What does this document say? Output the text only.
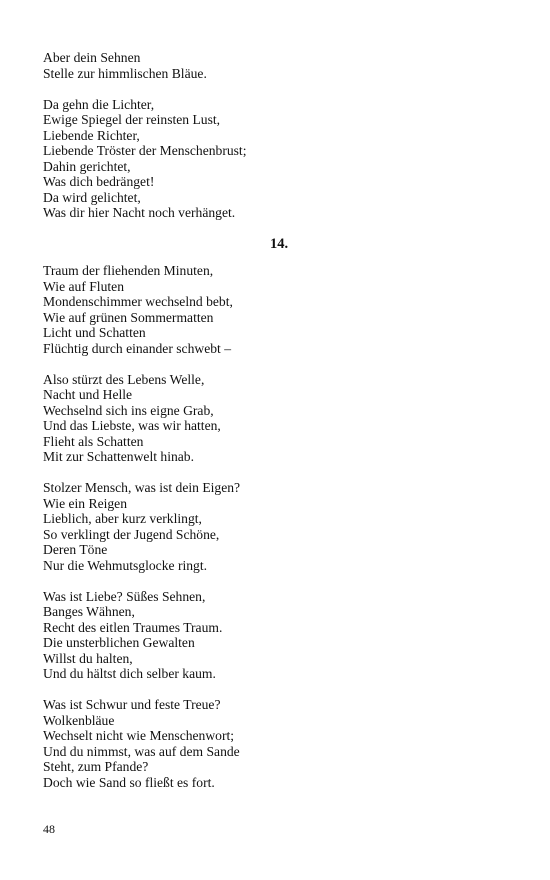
Aber dein Sehnen
Stelle zur himmlischen Bläue.
Da gehn die Lichter,
Ewige Spiegel der reinsten Lust,
Liebende Richter,
Liebende Tröster der Menschenbrust;
Dahin gerichtet,
Was dich bedränget!
Da wird gelichtet,
Was dir hier Nacht noch verhänget.
14.
Traum der fliehenden Minuten,
Wie auf Fluten
Mondenschimmer wechselnd bebt,
Wie auf grünen Sommermatten
Licht und Schatten
Flüchtig durch einander schwebt –
Also stürzt des Lebens Welle,
Nacht und Helle
Wechselnd sich ins eigne Grab,
Und das Liebste, was wir hatten,
Flieht als Schatten
Mit zur Schattenwelt hinab.
Stolzer Mensch, was ist dein Eigen?
Wie ein Reigen
Lieblich, aber kurz verklingt,
So verklingt der Jugend Schöne,
Deren Töne
Nur die Wehmutsglocke ringt.
Was ist Liebe? Süßes Sehnen,
Banges Wähnen,
Recht des eitlen Traumes Traum.
Die unsterblichen Gewalten
Willst du halten,
Und du hältst dich selber kaum.
Was ist Schwur und feste Treue?
Wolkenbläue
Wechselt nicht wie Menschenwort;
Und du nimmst, was auf dem Sande
Steht, zum Pfande?
Doch wie Sand so fließt es fort.
48
